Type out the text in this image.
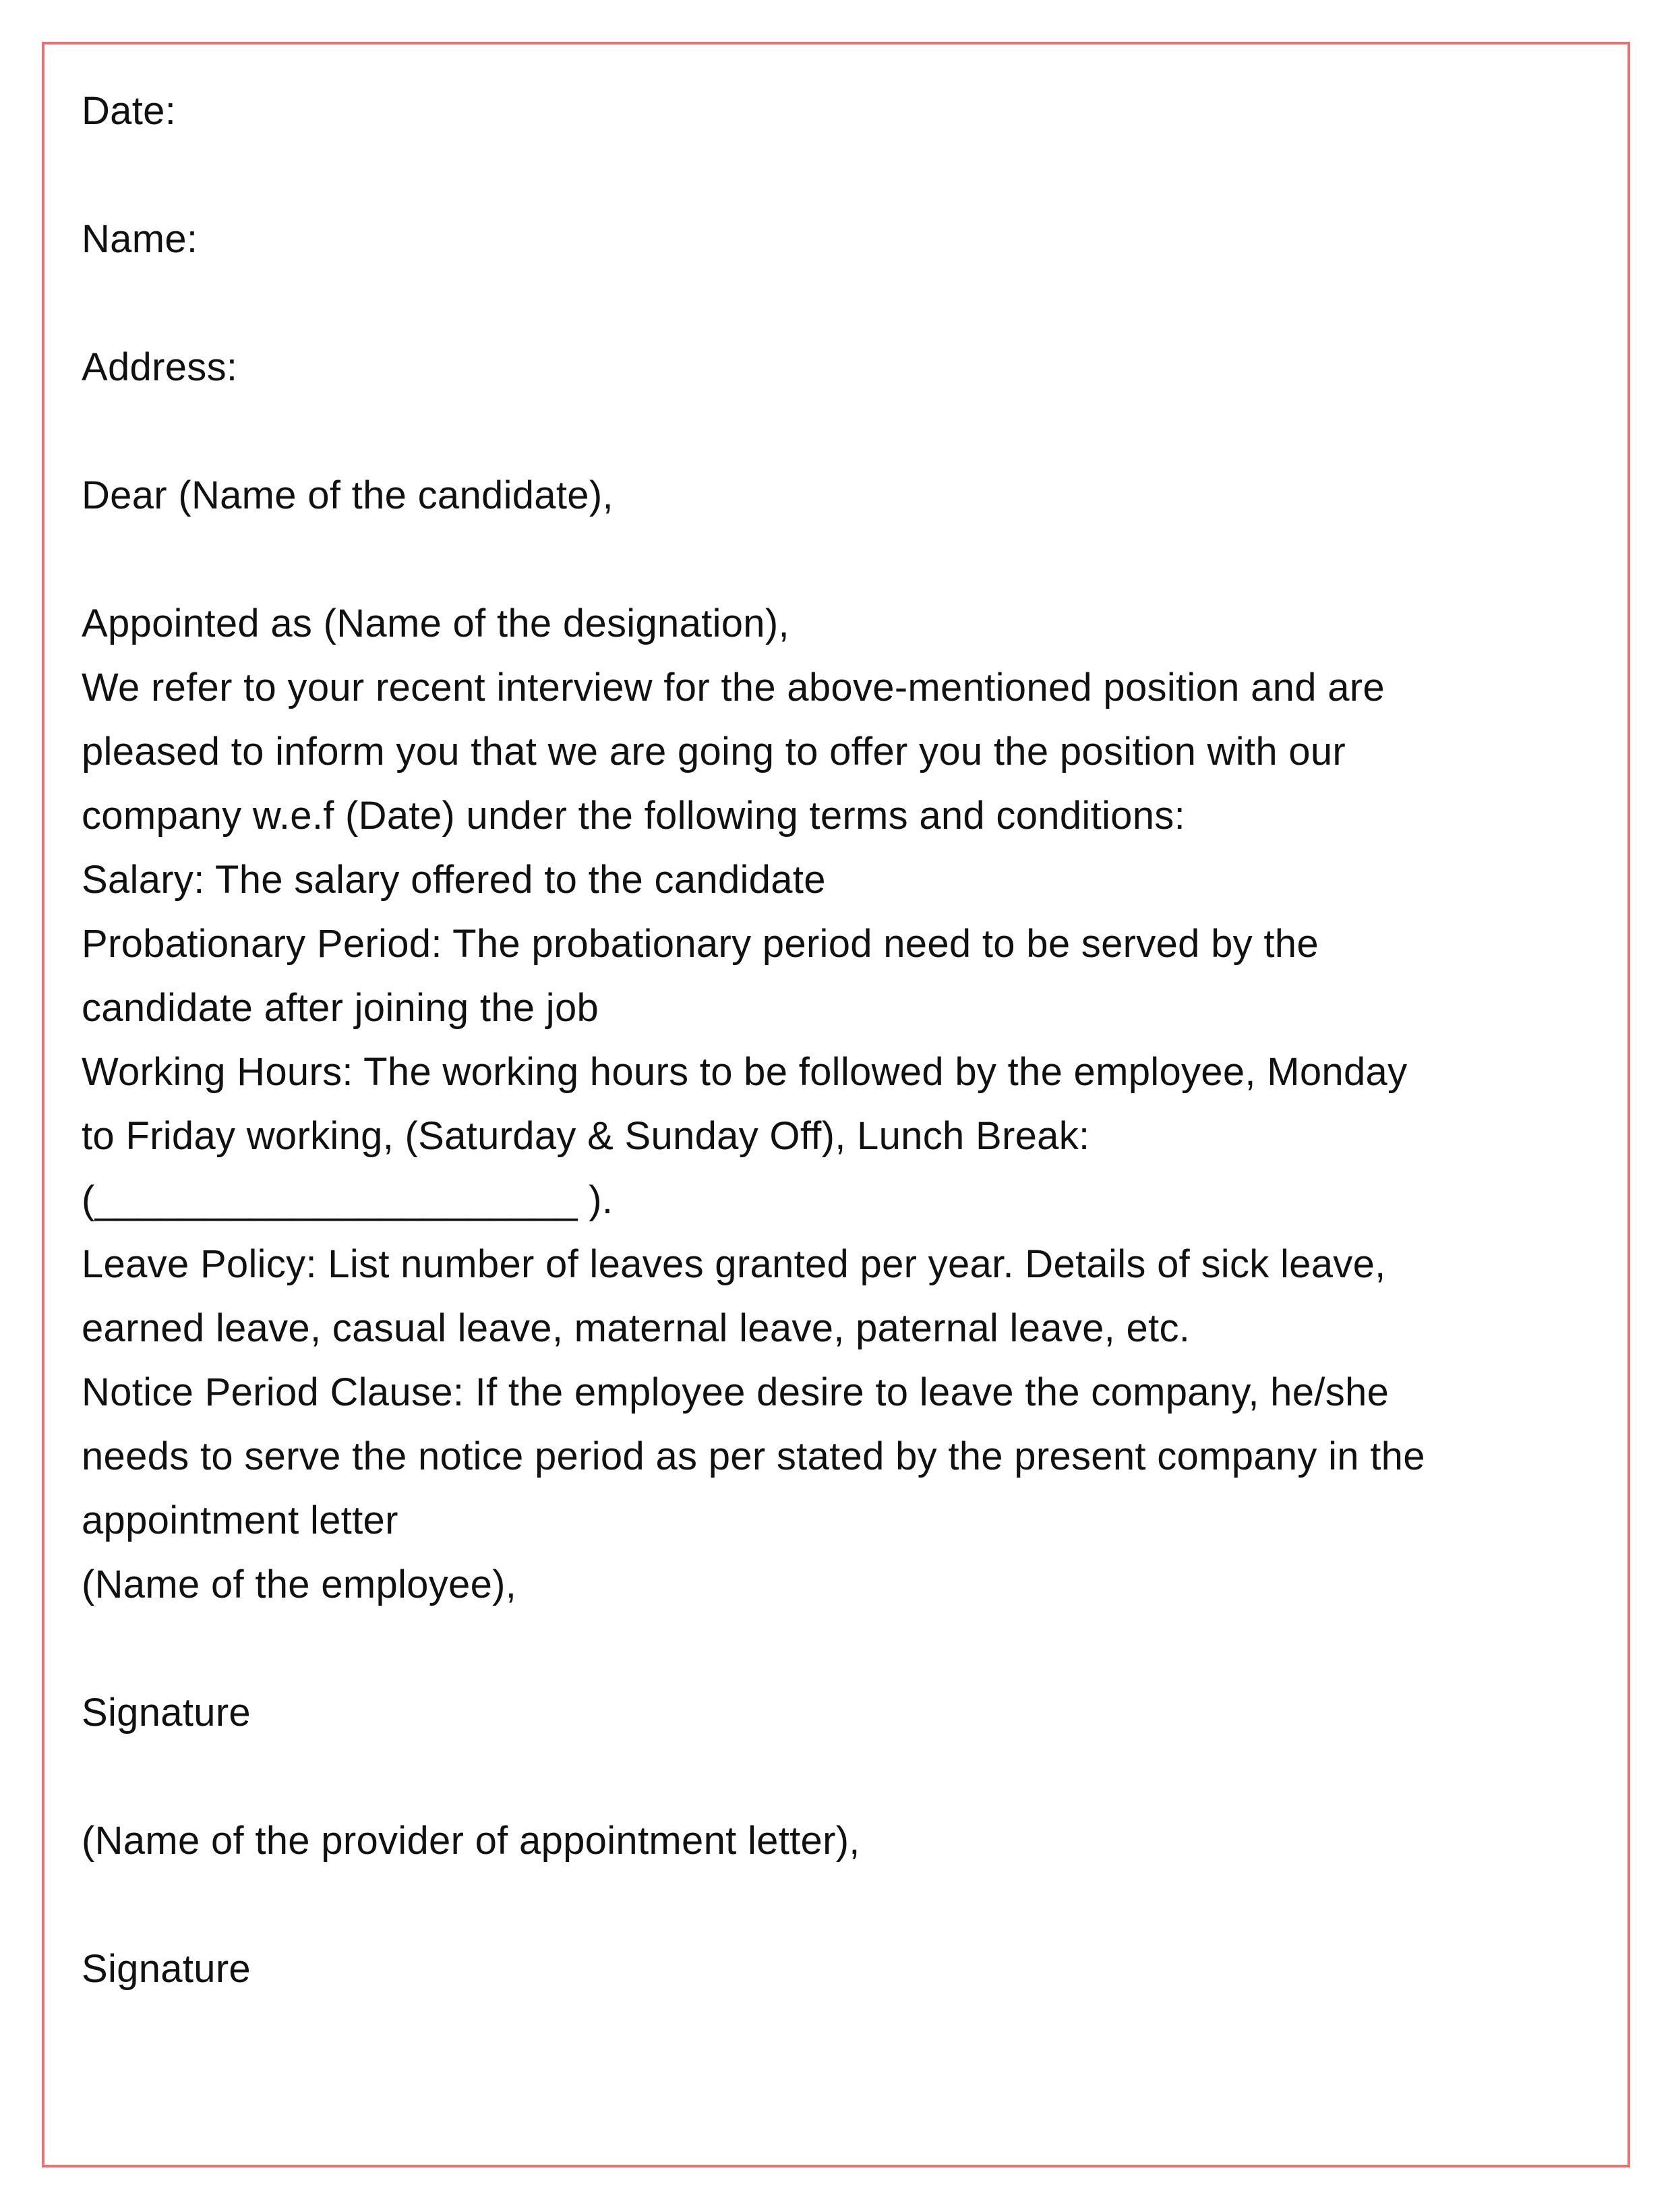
Date:

Name:

Address:

Dear (Name of the candidate),

Appointed as (Name of the designation),

We refer to your recent interview for the above-mentioned position and are

pleased to inform you that we are going to offer you the position with our

company w.e.f (Date) under the following terms and conditions:

Salary: The salary offered to the candidate

Probationary Period: The probationary period need to be served by the

candidate after joining the job

Working Hours: The working hours to be followed by the employee, Monday

to Friday working, (Saturday & Sunday Off), Lunch Break:

(______________________ ).

Leave Policy: List number of leaves granted per year. Details of sick leave,

earned leave, casual leave, maternal leave, paternal leave, etc.

Notice Period Clause: If the employee desire to leave the company, he/she

needs to serve the notice period as per stated by the present company in the

appointment letter

(Name of the employee),

Signature

(Name of the provider of appointment letter),

Signature
